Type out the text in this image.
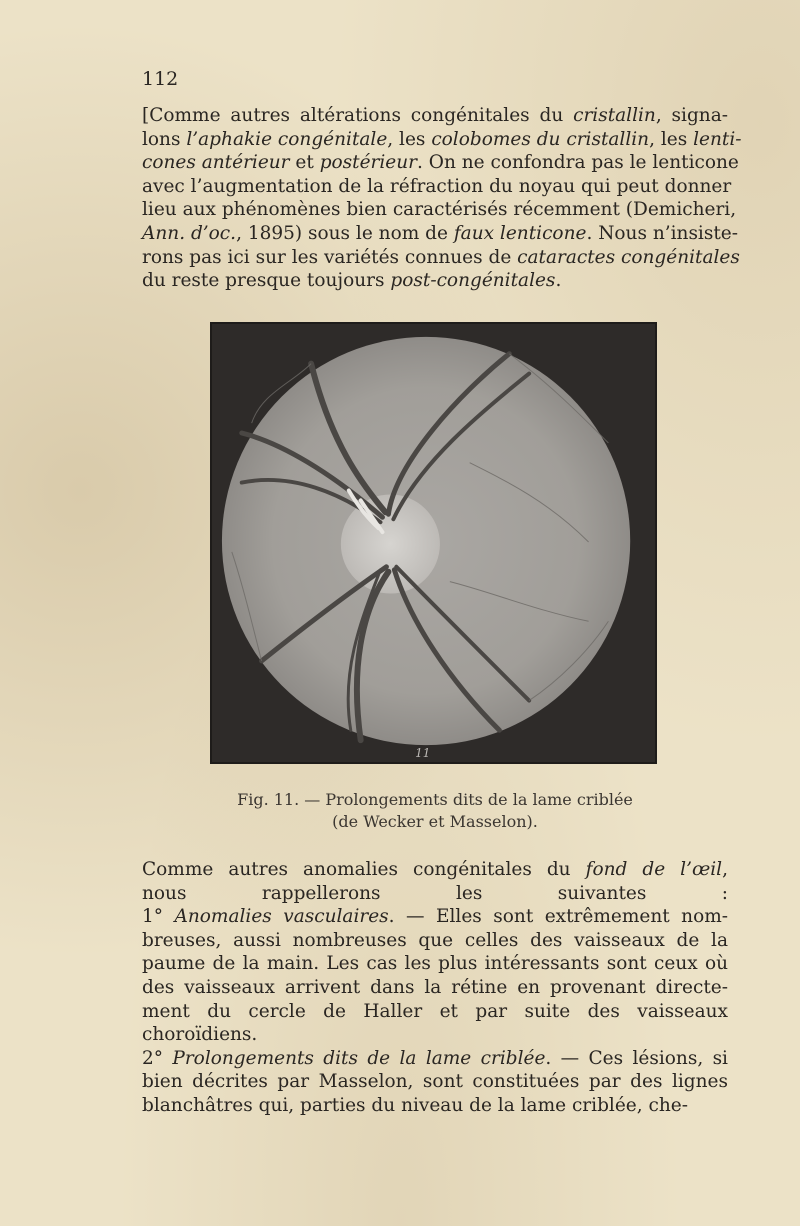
112
[Comme autres altérations congénitales du cristallin, signa-
lons l’aphakie congénitale, les colobomes du cristallin, les lenti-
cones antérieur et postérieur. On ne confondra pas le lenticone
avec l’augmentation de la réfraction du noyau qui peut donner
lieu aux phénomènes bien caractérisés récemment (Demicheri,
Ann. d’oc., 1895) sous le nom de faux lenticone. Nous n’insiste-
rons pas ici sur les variétés connues de cataractes congénitales
du reste presque toujours post-congénitales.
11
Fig. 11. — Prolongements dits de la lame criblée
(de Wecker et Masselon).
Comme autres anomalies congénitales du fond de l’œil,
nous rappellerons les suivantes :
1° Anomalies vasculaires. — Elles sont extrêmement nom-
breuses, aussi nombreuses que celles des vaisseaux de la
paume de la main. Les cas les plus intéressants sont ceux où
des vaisseaux arrivent dans la rétine en provenant directe-
ment du cercle de Haller et par suite des vaisseaux
choroïdiens.
2° Prolongements dits de la lame criblée. — Ces lésions, si
bien décrites par Masselon, sont constituées par des lignes
blanchâtres qui, parties du niveau de la lame criblée, che-
